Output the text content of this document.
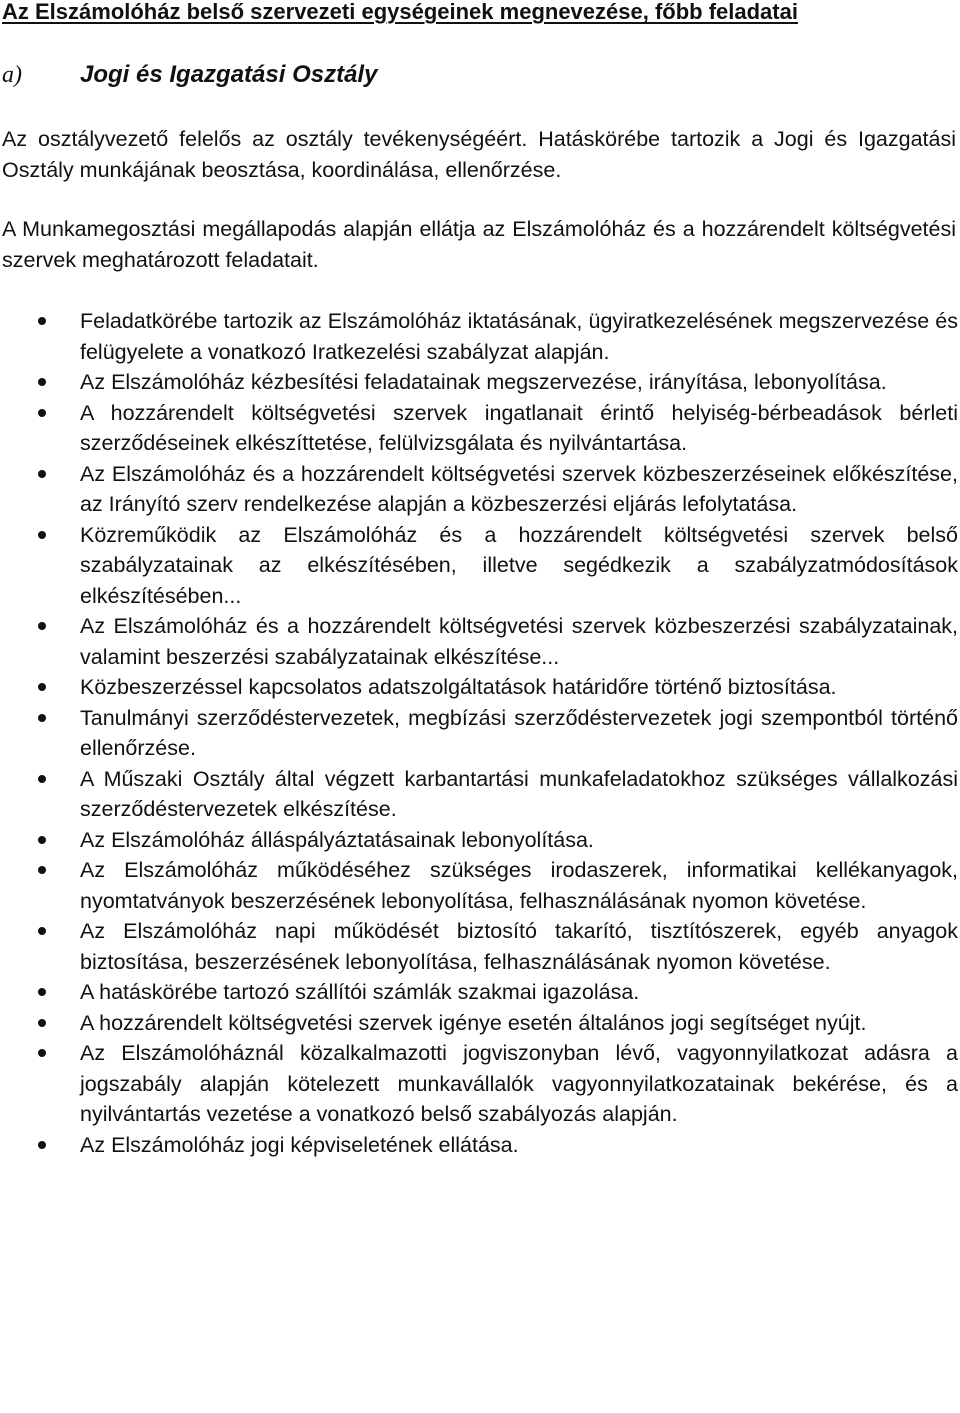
Az Elszámolóház belső szervezeti egységeinek megnevezése, főbb feladatai
a) Jogi és Igazgatási Osztály

Az osztályvezető felelős az osztály tevékenységéért. Hatáskörébe tartozik a Jogi és Igazgatási Osztály munkájának beosztása, koordinálása, ellenőrzése.

A Munkamegosztási megállapodás alapján ellátja az Elszámolóház és a hozzárendelt költségvetési szervek meghatározott feladatait.

Feladatkörébe tartozik az Elszámolóház iktatásának, ügyiratkezelésének megszervezése és felügyelete a vonatkozó Iratkezelési szabályzat alapján.
Az Elszámolóház kézbesítési feladatainak megszervezése, irányítása, lebonyolítása.
A hozzárendelt költségvetési szervek ingatlanait érintő helyiség-bérbeadások bérleti szerződéseinek elkészíttetése, felülvizsgálata és nyilvántartása.
Az Elszámolóház és a hozzárendelt költségvetési szervek közbeszerzéseinek előkészítése, az Irányító szerv rendelkezése alapján a közbeszerzési eljárás lefolytatása.
Közreműködik az Elszámolóház és a hozzárendelt költségvetési szervek belső szabályzatainak az elkészítésében, illetve segédkezik a szabályzatmódosítások elkészítésében...
Az Elszámolóház és a hozzárendelt költségvetési szervek közbeszerzési szabályzatainak, valamint beszerzési szabályzatainak elkészítése...
Közbeszerzéssel kapcsolatos adatszolgáltatások határidőre történő biztosítása.
Tanulmányi szerződéstervezetek, megbízási szerződéstervezetek jogi szempontból történő ellenőrzése.
A Műszaki Osztály által végzett karbantartási munkafeladatokhoz szükséges vállalkozási szerződéstervezetek elkészítése.
Az Elszámolóház álláspályáztatásainak lebonyolítása.
Az Elszámolóház működéséhez szükséges irodaszerek, informatikai kellékanyagok, nyomtatványok beszerzésének lebonyolítása, felhasználásának nyomon követése.
Az Elszámolóház napi működését biztosító takarító, tisztítószerek, egyéb anyagok biztosítása, beszerzésének lebonyolítása, felhasználásának nyomon követése.
A hatáskörébe tartozó szállítói számlák szakmai igazolása.
A hozzárendelt költségvetési szervek igénye esetén általános jogi segítséget nyújt.
Az Elszámolóháznál közalkalmazotti jogviszonyban lévő, vagyonnyilatkozat adásra a jogszabály alapján kötelezett munkavállalók vagyonnyilatkozatainak bekérése, és a nyilvántartás vezetése a vonatkozó belső szabályozás alapján.
Az Elszámolóház jogi képviseletének ellátása.
